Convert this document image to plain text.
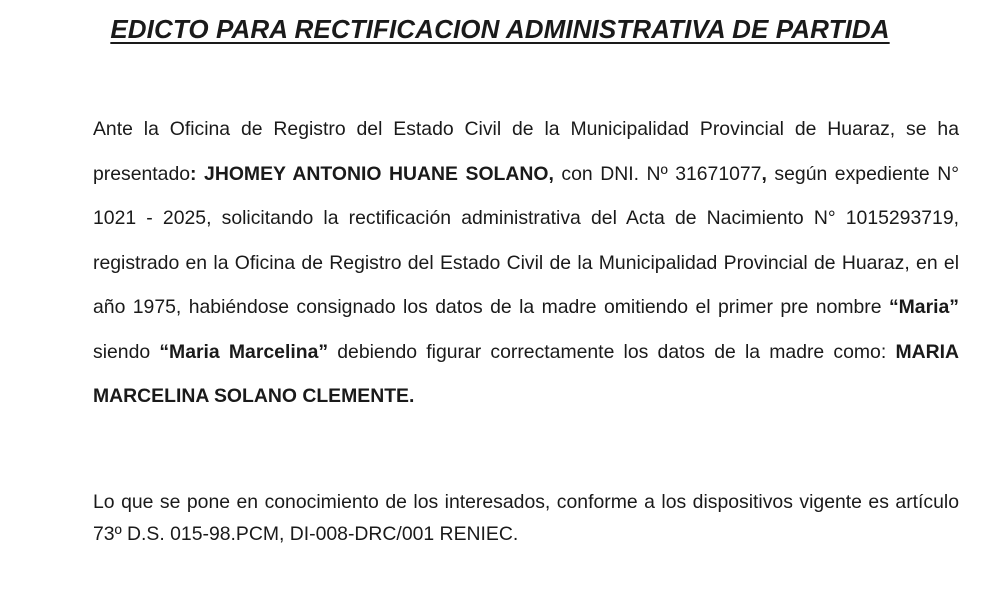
EDICTO PARA RECTIFICACION ADMINISTRATIVA DE PARTIDA

Ante la Oficina de Registro del Estado Civil de la Municipalidad Provincial de Huaraz, se ha presentado: JHOMEY ANTONIO HUANE SOLANO, con DNI. Nº 31671077, según expediente N° 1021 - 2025, solicitando la rectificación administrativa del Acta de Nacimiento N° 1015293719, registrado en la Oficina de Registro del Estado Civil de la Municipalidad Provincial de Huaraz, en el año 1975, habiéndose consignado los datos de la madre omitiendo el primer pre nombre “Maria” siendo “Maria Marcelina” debiendo figurar correctamente los datos de la madre como: MARIA MARCELINA SOLANO CLEMENTE.

Lo que se pone en conocimiento de los interesados, conforme a los dispositivos vigente es artículo 73º D.S. 015-98.PCM, DI-008-DRC/001 RENIEC.
